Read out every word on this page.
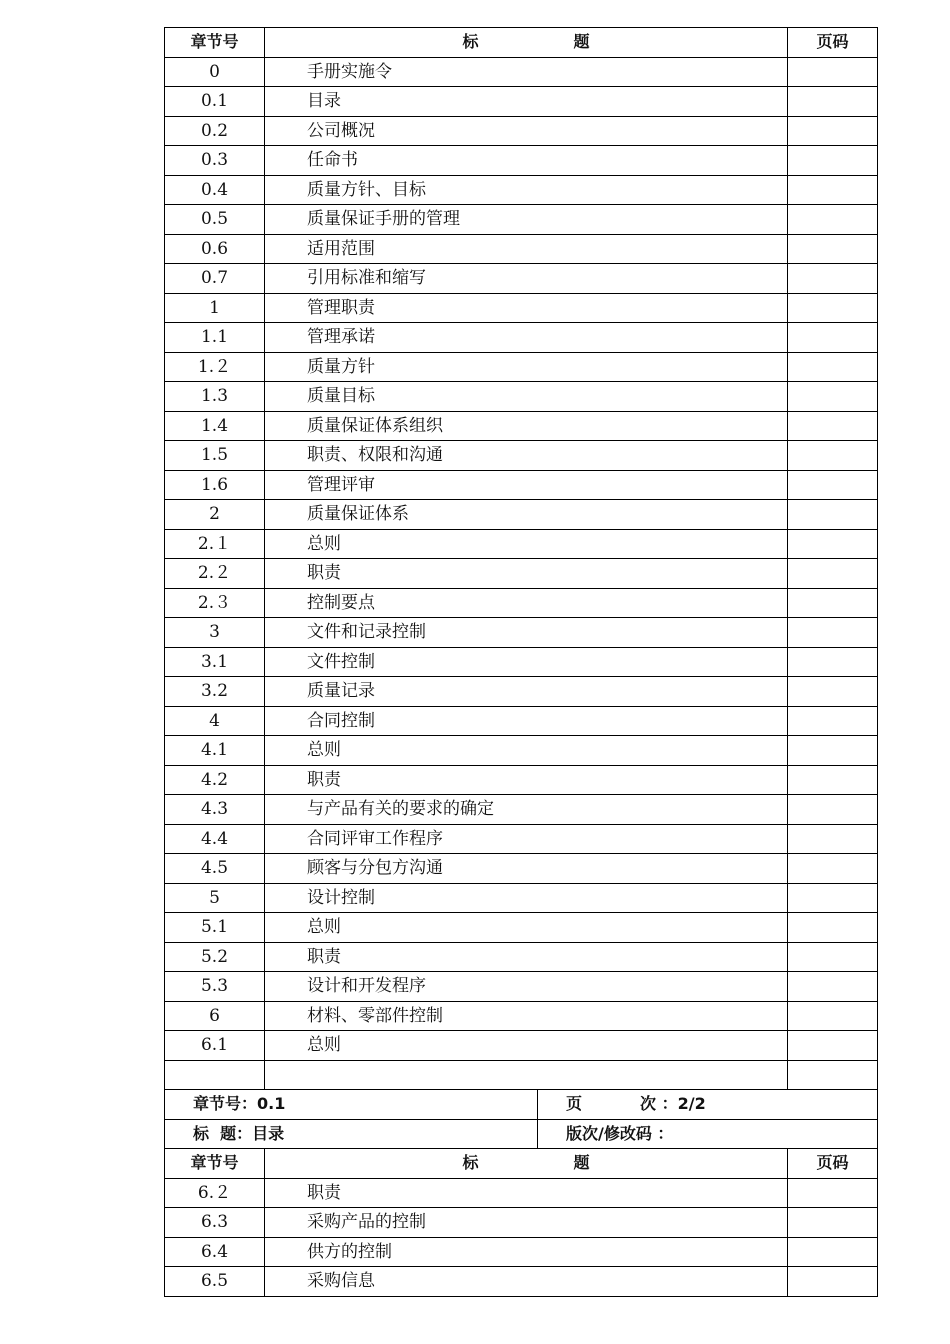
章节号	标 题		页码
0	手册实施令		
0.1	目录		
0.2	公司概况		
0.3	任命书		
0.4	质量方针、目标		
0.5	质量保证手册的管理		
0.6	适用范围		
0.7	引用标准和缩写		
1	管理职责		
1.1	管理承诺		
1.２	质量方针		
1.3	质量目标		
1.4	质量保证体系组织		
1.5	职责、权限和沟通		
1.6	管理评审		
2	质量保证体系		
2.１	总则		
2.２	职责		
2.３	控制要点		
3	文件和记录控制		
3.1	文件控制		
3.2	质量记录		
4	合同控制		
4.1	总则		
4.2	职责		
4.3	与产品有关的要求的确定		
4.4	合同评审工作程序		
4.5	顾客与分包方沟通		
5	设计控制		
5.1	总则		
5.2	职责		
5.3	设计和开发程序		
6	材料、零部件控制		
6.1	总则		

章节号：0.1		页 次 ：2/2	
标  题：目录		版次/修改码 ：	
章节号	标 题		页码
6.２	职责		
6.3	采购产品的控制		
6.4	供方的控制		
6.5	采购信息		
